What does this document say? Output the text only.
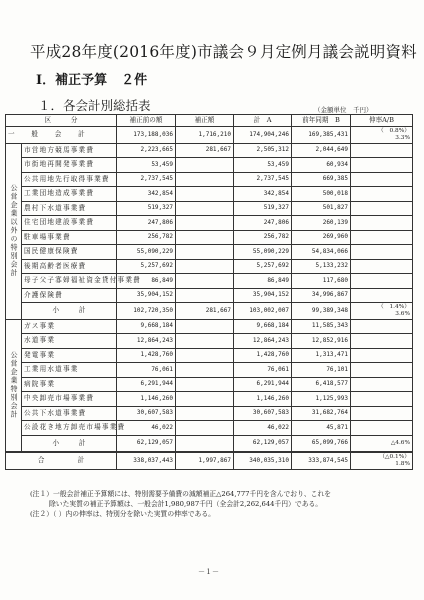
平成28年度(2016年度)市議会９月定例月議会説明資料
Ⅰ．補正予算 ２件
１．各会計別総括表	（金額単位　千円）
区　　　分		補正前の額	補正額	計　A	前年同期　B	伸率A/B
一　　般　　会　　計		173,188,036	1,716,210	174,904,246	169,385,431	（　0.8%）
3.3%

公営企業以外の特別会計	市営地方競馬事業費	2,223,665	281,667	2,505,312	2,044,649	
	市街地再開発事業費	53,459		53,459	60,934	
	公共用地先行取得事業費	2,737,545		2,737,545	669,385	
	工業団地造成事業費	342,854		342,854	500,018	
	農村下水道事業費	519,327		519,327	501,827	
	住宅団地建設事業費	247,806		247,806	260,139	
	駐車場事業費	256,782		256,782	269,960	
	国民健康保険費	55,090,229		55,090,229	54,834,066	
	後期高齢者医療費	5,257,692		5,257,692	5,133,232	
	母子父子寡婦福祉資金貸付事業費	86,849		86,849	117,680	
	介護保険費	35,904,152		35,904,152	34,996,867	
	小　　　計	102,720,350	281,667	103,002,007	99,389,348	（　1.4%）
3.6%

公営企業特別会計	ガス事業	9,668,184		9,668,184	11,585,343	
	水道事業	12,864,243		12,864,243	12,852,916	
	発電事業	1,428,760		1,428,760	1,313,471	
	工業用水道事業	76,061		76,061	76,101	
	病院事業	6,291,944		6,291,944	6,418,577	
	中央卸売市場事業費	1,146,260		1,146,260	1,125,993	
	公共下水道事業費	30,607,583		30,607,583	31,682,764	
	公設花き地方卸売市場事業費	46,022		46,022	45,871	
	小　　　計	62,129,057		62,129,057	65,099,766	△4.6%
合　　　　　計		338,037,443	1,997,867	340,035,310	333,874,545	（△0.1%）
1.8%
(注１）一般会計補正予算額には、特別需要予備費の減額補正△264,777千円を含んでおり、これを
除いた実質の補正予算額は、一般会計1,980,987千円（全会計2,262,644千円）である。
(注２）（ ）内の伸率は、特別分を除いた実質の伸率である。
－１－
